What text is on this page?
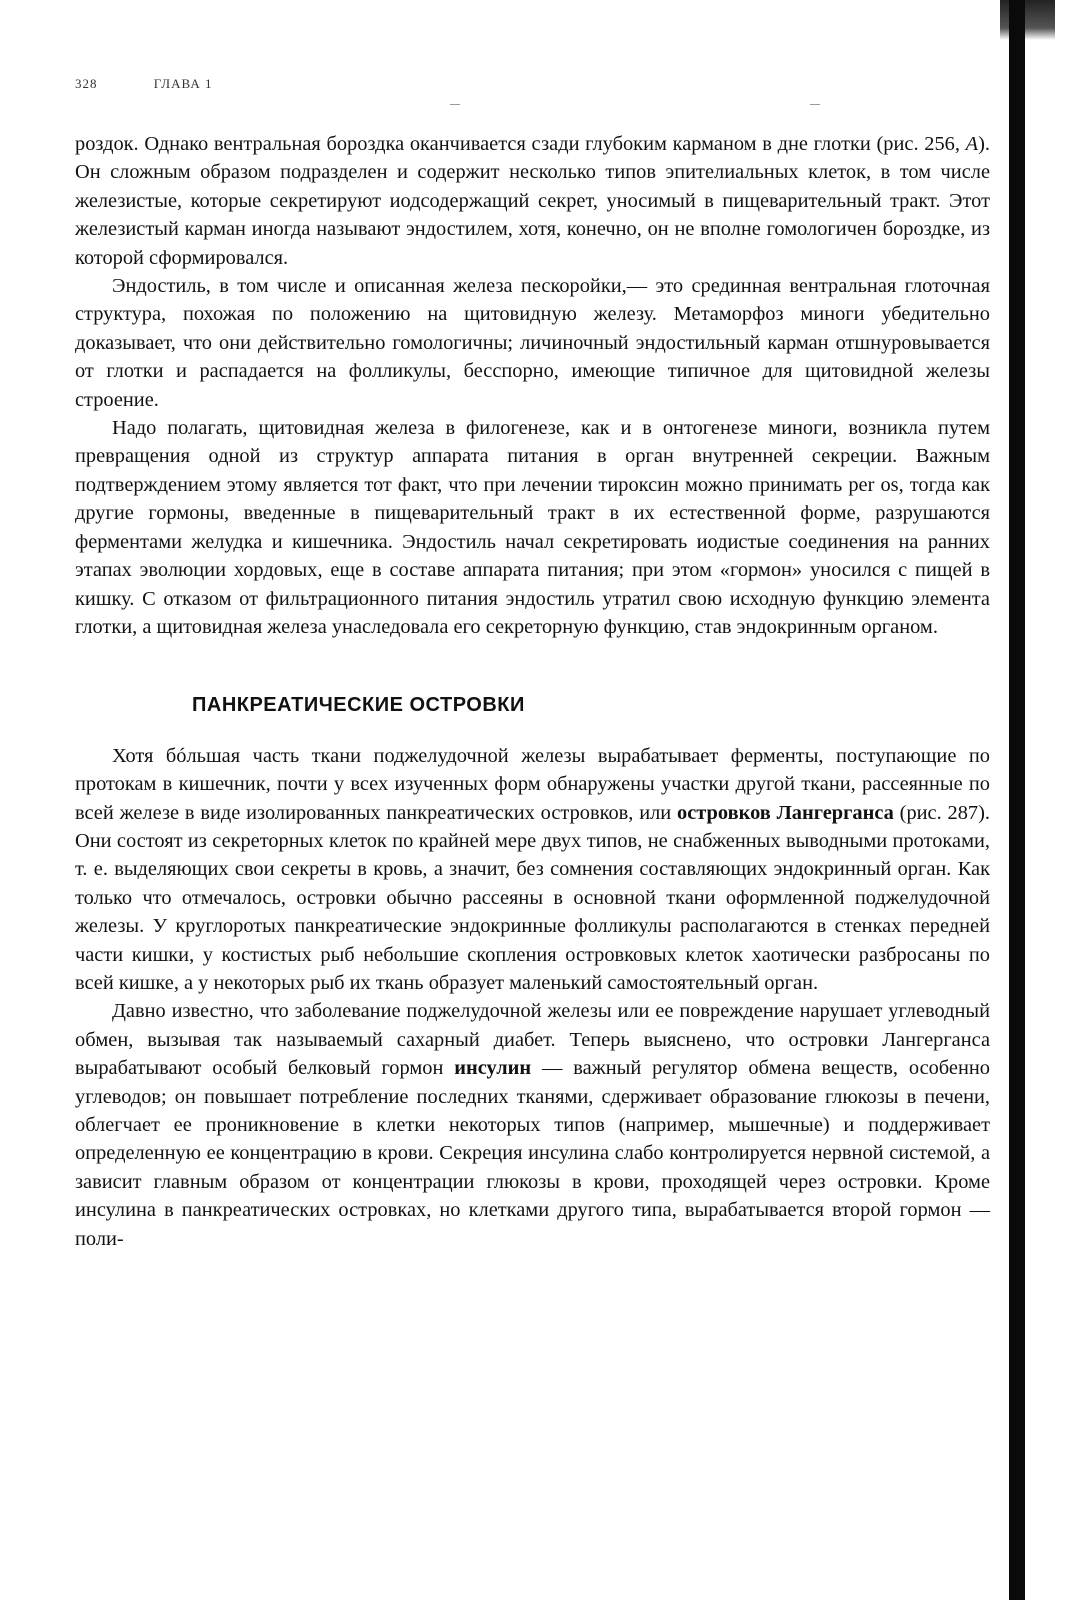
328	ГЛАВА 1

роздок. Однако вентральная бороздка оканчивается сзади глубоким карманом в дне глотки (рис. 256, A). Он сложным образом подразделен и содержит несколько типов эпителиальных клеток, в том числе железистые, которые секретируют иодсодержащий секрет, уносимый в пищеварительный тракт. Этот железистый карман иногда называют эндостилем, хотя, конечно, он не вполне гомологичен бороздке, из которой сформировался.

Эндостиль, в том числе и описанная железа пескоройки,— это срединная вентральная глоточная структура, похожая по положению на щитовидную железу. Метаморфоз миноги убедительно доказывает, что они действительно гомологичны; личиночный эндостильный карман отшнуровывается от глотки и распадается на фолликулы, бесспорно, имеющие типичное для щитовидной железы строение.

Надо полагать, щитовидная железа в филогенезе, как и в онтогенезе миноги, возникла путем превращения одной из структур аппарата питания в орган внутренней секреции. Важным подтверждением этому является тот факт, что при лечении тироксин можно принимать per os, тогда как другие гормоны, введенные в пищеварительный тракт в их естественной форме, разрушаются ферментами желудка и кишечника. Эндостиль начал секретировать иодистые соединения на ранних этапах эволюции хордовых, еще в составе аппарата питания; при этом «гормон» уносился с пищей в кишку. С отказом от фильтрационного питания эндостиль утратил свою исходную функцию элемента глотки, а щитовидная железа унаследовала его секреторную функцию, став эндокринным органом.

ПАНКРЕАТИЧЕСКИЕ ОСТРОВКИ

Хотя бóльшая часть ткани поджелудочной железы вырабатывает ферменты, поступающие по протокам в кишечник, почти у всех изученных форм обнаружены участки другой ткани, рассеянные по всей железе в виде изолированных панкреатических островков, или островков Лангерганса (рис. 287). Они состоят из секреторных клеток по крайней мере двух типов, не снабженных выводными протоками, т. е. выделяющих свои секреты в кровь, а значит, без сомнения составляющих эндокринный орган. Как только что отмечалось, островки обычно рассеяны в основной ткани оформленной поджелудочной железы. У круглоротых панкреатические эндокринные фолликулы располагаются в стенках передней части кишки, у костистых рыб небольшие скопления островковых клеток хаотически разбросаны по всей кишке, а у некоторых рыб их ткань образует маленький самостоятельный орган.

Давно известно, что заболевание поджелудочной железы или ее повреждение нарушает углеводный обмен, вызывая так называемый сахарный диабет. Теперь выяснено, что островки Лангерганса вырабатывают особый белковый гормон инсулин — важный регулятор обмена веществ, особенно углеводов; он повышает потребление последних тканями, сдерживает образование глюкозы в печени, облегчает ее проникновение в клетки некоторых типов (например, мышечные) и поддерживает определенную ее концентрацию в крови. Секреция инсулина слабо контролируется нервной системой, а зависит главным образом от концентрации глюкозы в крови, проходящей через островки. Кроме инсулина в панкреатических островках, но клетками другого типа, вырабатывается второй гормон — поли-
